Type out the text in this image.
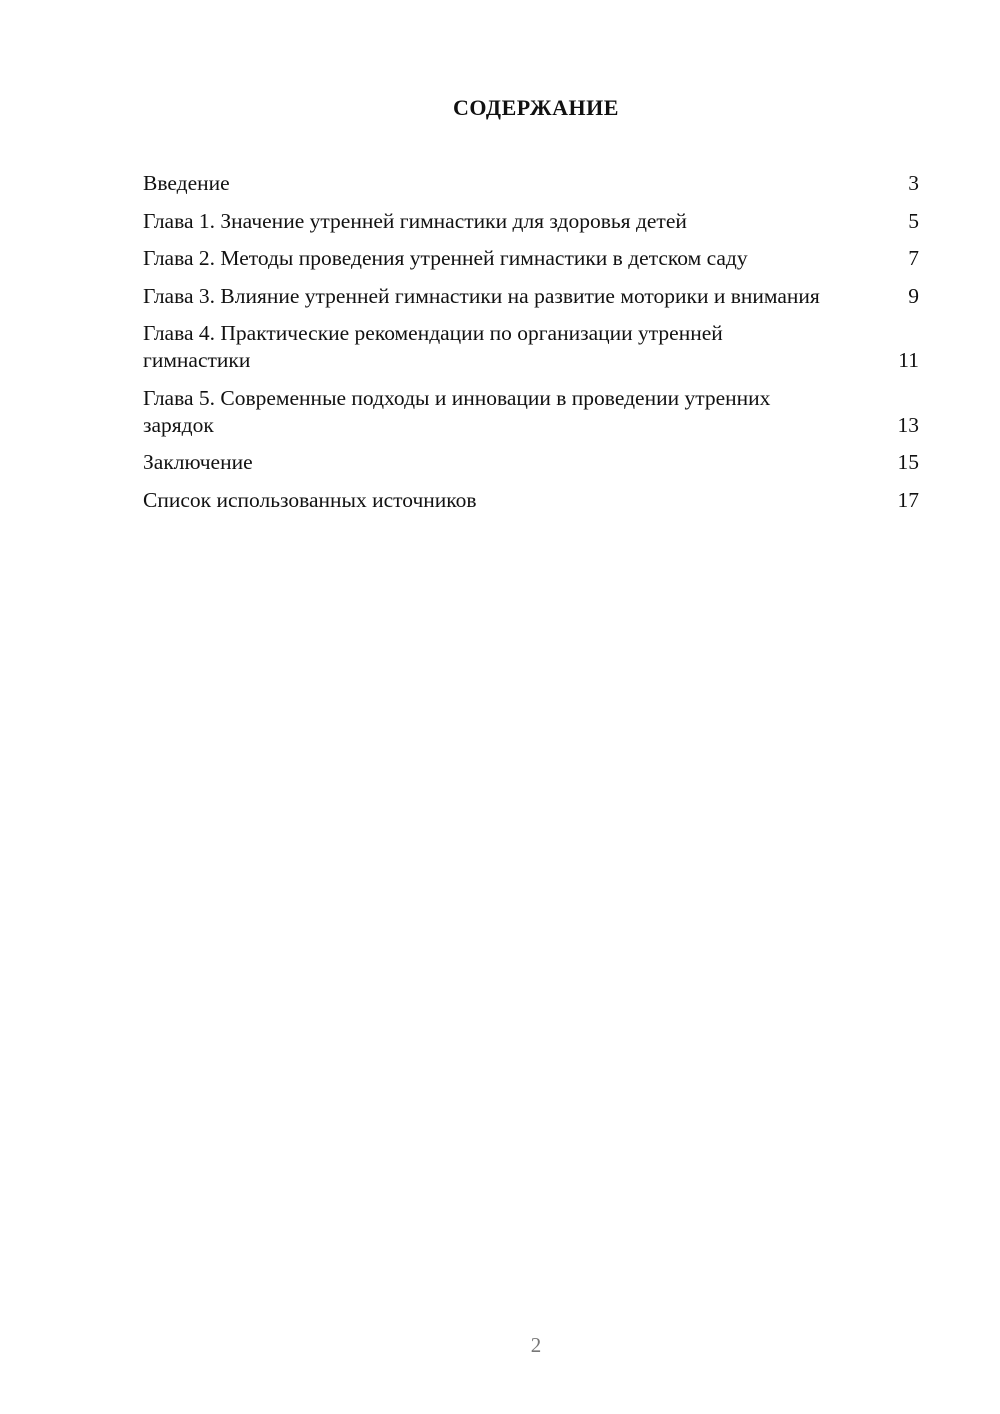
СОДЕРЖАНИЕ
Введение	3
Глава 1. Значение утренней гимнастики для здоровья детей	5
Глава 2. Методы проведения утренней гимнастики в детском саду	7
Глава 3. Влияние утренней гимнастики на развитие моторики и внимания	9
Глава 4. Практические рекомендации по организации утренней гимнастики	11
Глава 5. Современные подходы и инновации в проведении утренних зарядок	13
Заключение	15
Список использованных источников	17
2
